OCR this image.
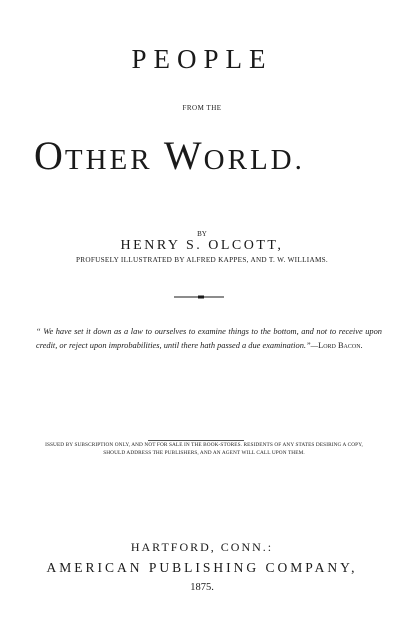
PEOPLE
FROM THE
OTHER WORLD.
BY
HENRY S. OLCOTT,
PROFUSELY ILLUSTRATED BY ALFRED KAPPES, AND T. W. WILLIAMS.
“ We have set it down as a law to ourselves to examine things to the bottom, and not to receive upon credit, or reject upon improbabilities, until there hath passed a due examination.”—Lord Bacon.
ISSUED BY SUBSCRIPTION ONLY, AND NOT FOR SALE IN THE BOOK-STORES. RESIDENTS OF ANY STATES DESIRING A COPY, SHOULD ADDRESS THE PUBLISHERS, AND AN AGENT WILL CALL UPON THEM.
HARTFORD, CONN.:
AMERICAN PUBLISHING COMPANY,
1875.
